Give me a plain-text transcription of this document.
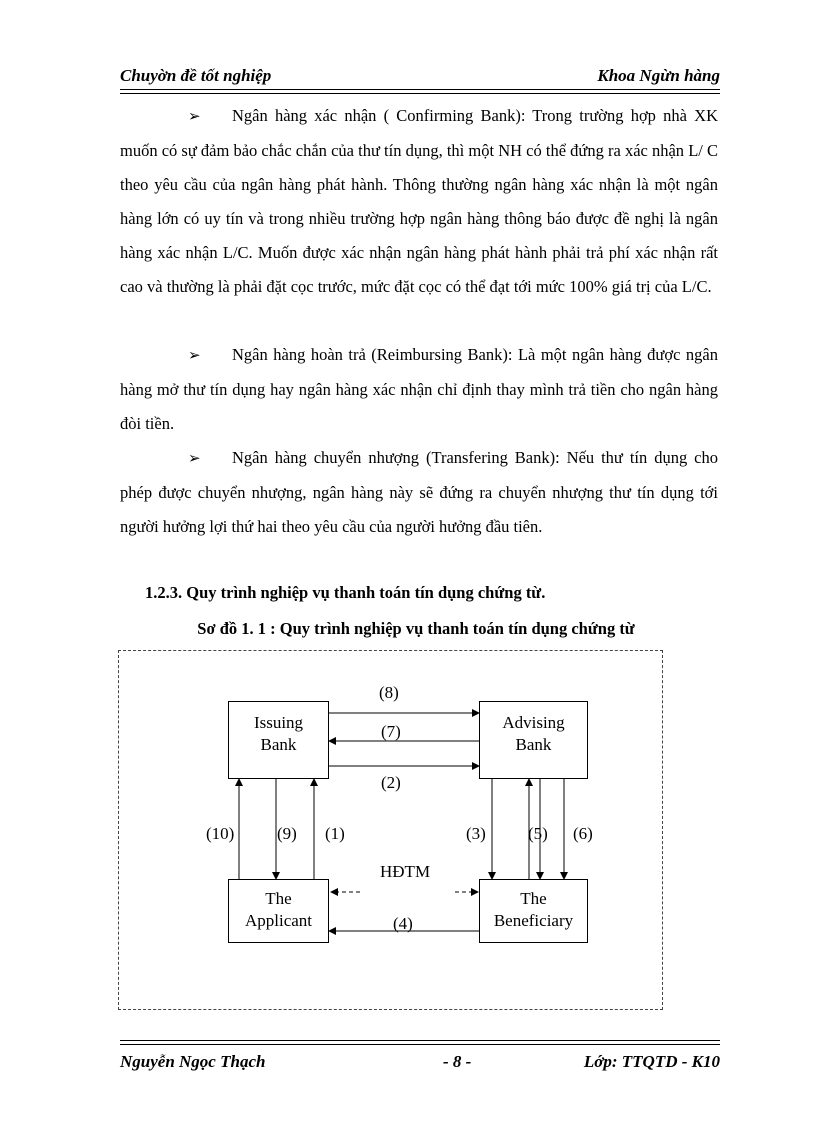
Chuyờn đề tốt nghiệp	Khoa Ngừn hàng
➢ Ngân hàng xác nhận ( Confirming Bank): Trong trường hợp nhà XK muốn có sự đảm bảo chắc chắn của thư tín dụng, thì một NH có thể đứng ra xác nhận L/ C theo yêu cầu của ngân hàng phát hành. Thông thường ngân hàng xác nhận là một ngân hàng lớn có uy tín và trong nhiều trường hợp ngân hàng thông báo được đề nghị là ngân hàng xác nhận L/C. Muốn được xác nhận ngân hàng phát hành phải trả phí xác nhận rất cao và thường là phải đặt cọc trước, mức đặt cọc có thể đạt tới mức 100% giá trị của L/C.
➢ Ngân hàng hoàn trả (Reimbursing Bank): Là một ngân hàng được ngân hàng mở thư tín dụng hay ngân hàng xác nhận chỉ định thay mình trả tiền cho ngân hàng đòi tiền.
➢ Ngân hàng chuyển nhượng (Transfering Bank): Nếu thư tín dụng cho phép được chuyển nhượng, ngân hàng này sẽ đứng ra chuyển nhượng thư tín dụng tới người hưởng lợi thứ hai theo yêu cầu của người hưởng đầu tiên.
1.2.3. Quy trình nghiệp vụ thanh toán tín dụng chứng từ.
Sơ đồ 1. 1 : Quy trình nghiệp vụ thanh toán tín dụng chứng từ
Issuing
Bank
Advising
Bank
The
Applicant
The
Beneficiary
(8)
(7)
(2)
(10)	(9) (1)	(3) (5) (6)
HĐTM
(4)
Nguyễn Ngọc Thạch	- 8 -	Lớp: TTQTD - K10
